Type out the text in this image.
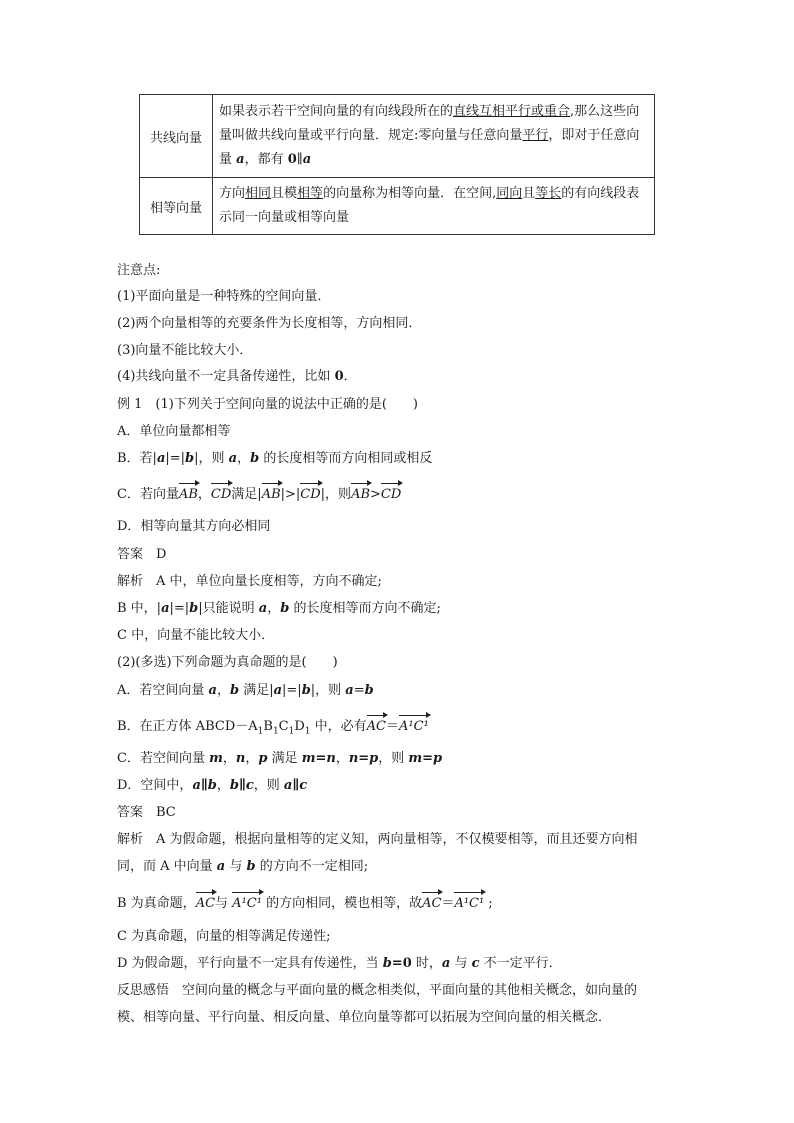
共线向量	如果表示若干空间向量的有向线段所在的直线互相平行或重合,那么这些向量叫做共线向量或平行向量．规定:零向量与任意向量平行，即对于任意向量 a，都有 0∥a
相等向量	方向相同且模相等的向量称为相等向量．在空间,同向且等长的有向线段表示同一向量或相等向量
注意点:
(1)平面向量是一种特殊的空间向量．
(2)两个向量相等的充要条件为长度相等，方向相同．
(3)向量不能比较大小．
(4)共线向量不一定具备传递性，比如 0．
例 1　(1)下列关于空间向量的说法中正确的是(　　)
A．单位向量都相等
B．若|a|=|b|，则 a，b 的长度相等而方向相同或相反
C．若向量AB，CD满足|AB|>|CD|，则AB>CD
D．相等向量其方向必相同
答案　D
解析　A 中，单位向量长度相等，方向不确定;
B 中，|a|=|b|只能说明 a，b 的长度相等而方向不确定;
C 中，向量不能比较大小．
(2)(多选)下列命题为真命题的是(　　)
A．若空间向量 a，b 满足|a|=|b|，则 a=b
B．在正方体 $ABCD-A_1B_1C_1D_1$ 中，必有AC＝A¹C¹
C．若空间向量 m，n，p 满足 m=n，n=p，则 m=p
D．空间中，a∥b，b∥c，则 a∥c
答案　BC
解析　A 为假命题，根据向量相等的定义知，两向量相等，不仅模要相等，而且还要方向相
同，而 A 中向量 a 与 b 的方向不一定相同;
B 为真命题，AC与 A¹C¹ 的方向相同，模也相等，故AC＝A¹C¹ ;
C 为真命题，向量的相等满足传递性;
D 为假命题，平行向量不一定具有传递性，当 b=0 时，a 与 c 不一定平行．
反思感悟　空间向量的概念与平面向量的概念相类似，平面向量的其他相关概念，如向量的
模、相等向量、平行向量、相反向量、单位向量等都可以拓展为空间向量的相关概念．
